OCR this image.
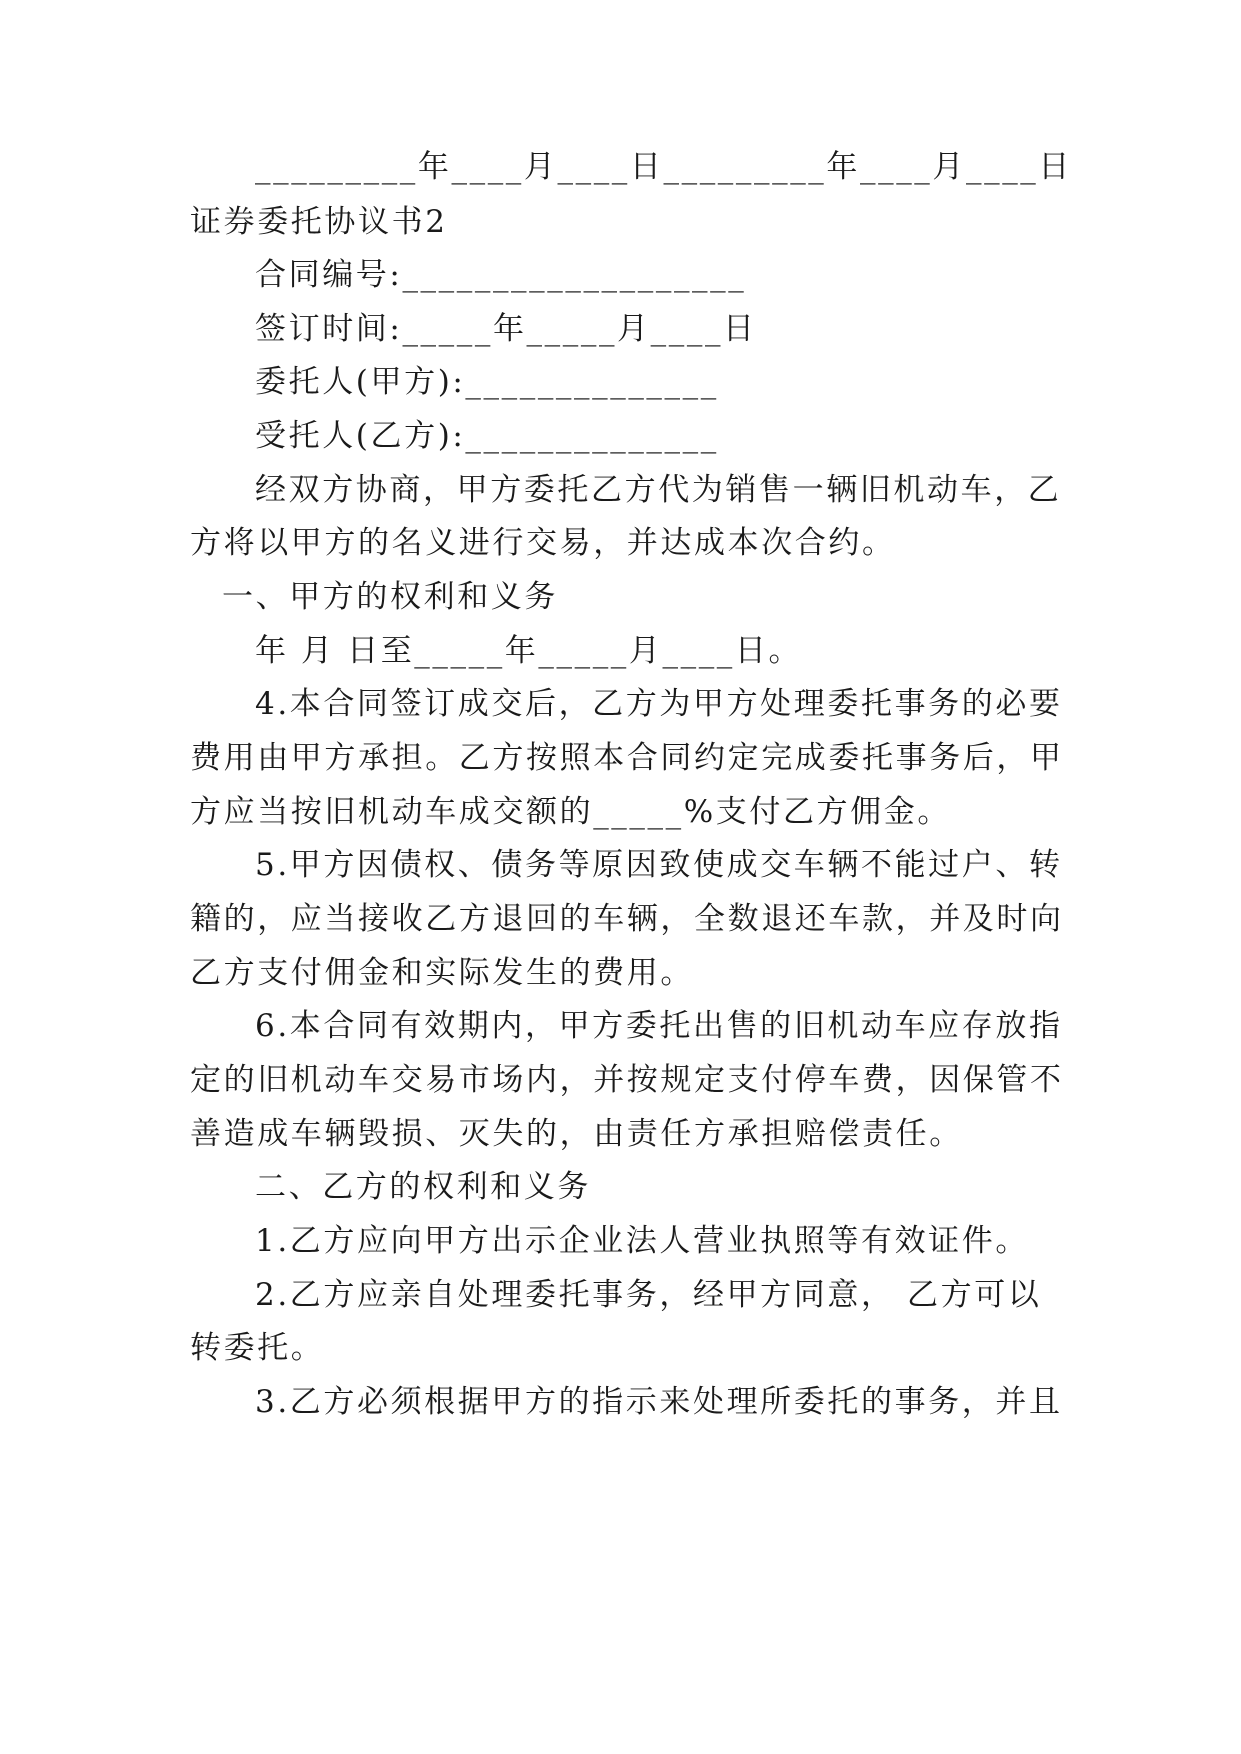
_________年____月____日_________年____月____日
证券委托协议书2
合同编号:___________________
签订时间:_____年_____月____日
委托人(甲方):______________
受托人(乙方):______________
经双方协商，甲方委托乙方代为销售一辆旧机动车，乙
方将以甲方的名义进行交易，并达成本次合约。
一、甲方的权利和义务
年 月 日至_____年_____月____日。
4.本合同签订成交后，乙方为甲方处理委托事务的必要
费用由甲方承担。乙方按照本合同约定完成委托事务后，甲
方应当按旧机动车成交额的_____%支付乙方佣金。
5.甲方因债权、债务等原因致使成交车辆不能过户、转
籍的，应当接收乙方退回的车辆，全数退还车款，并及时向
乙方支付佣金和实际发生的费用。
6.本合同有效期内，甲方委托出售的旧机动车应存放指
定的旧机动车交易市场内，并按规定支付停车费，因保管不
善造成车辆毁损、灭失的，由责任方承担赔偿责任。
二、乙方的权利和义务
1.乙方应向甲方出示企业法人营业执照等有效证件。
2.乙方应亲自处理委托事务，经甲方同意， 乙方可以
转委托。
3.乙方必须根据甲方的指示来处理所委托的事务，并且
